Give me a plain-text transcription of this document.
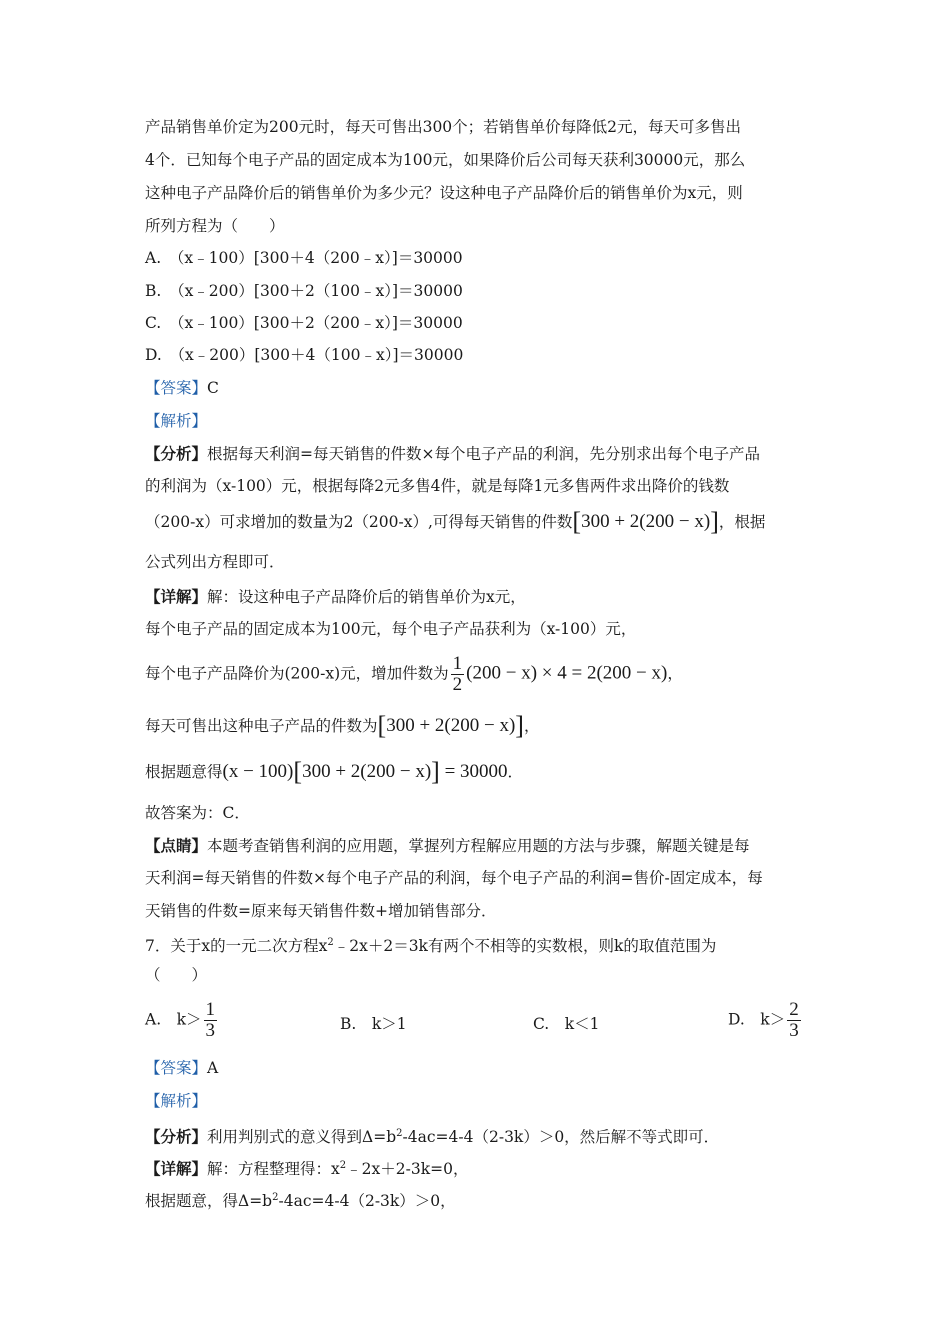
产品销售单价定为200元时，每天可售出300个；若销售单价每降低2元，每天可多售出
4个．已知每个电子产品的固定成本为100元，如果降价后公司每天获利30000元，那么
这种电子产品降价后的销售单价为多少元？设这种电子产品降价后的销售单价为x元，则
所列方程为（　　）
A.　（x﹣100）[300＋4（200﹣x）]＝30000
B.　（x﹣200）[300＋2（100﹣x）]＝30000
C.　（x﹣100）[300＋2（200﹣x）]＝30000
D.　（x﹣200）[300＋4（100﹣x）]＝30000
【答案】C
【解析】
【分析】根据每天利润=每天销售的件数×每个电子产品的利润，先分别求出每个电子产品
的利润为（x-100）元，根据每降2元多售4件，就是每降1元多售两件求出降价的钱数
（200-x）可求增加的数量为2（200-x）,可得每天销售的件数[300 + 2(200 − x)]，根据
公式列出方程即可．
【详解】解：设这种电子产品降价后的销售单价为x元，
每个电子产品的固定成本为100元，每个电子产品获利为（x-100）元，
每个电子产品降价为(200-x)元，增加件数为 $\frac{1}{2} (200 - x) \times 4 = 2(200 - x)$，
每天可售出这种电子产品的件数为[300 + 2(200 − x)]，
根据题意得(x − 100)[300 + 2(200 − x)] = 30000．
故答案为：C．
【点睛】本题考查销售利润的应用题，掌握列方程解应用题的方法与步骤，解题关键是每
天利润=每天销售的件数×每个电子产品的利润，每个电子产品的利润=售价-固定成本，每
天销售的件数=原来每天销售件数+增加销售部分．
7．关于x的一元二次方程$x^2﹣2x+2=3k$有两个不相等的实数根，则k的取值范围为
（　　）
A.　$k> \frac{1}{3}$	B.　k＞1	C.　k＜1	D.　$k> \frac{2}{3}$
【答案】A
【解析】
【分析】利用判别式的意义得到$\Delta=b^2-4ac=4-4(2-3k)>0$，然后解不等式即可．
【详解】解：方程整理得：$x^2﹣2x+2-3k=0$，
根据题意，得$\Delta=b^2-4ac=4-4(2-3k)>0$，
